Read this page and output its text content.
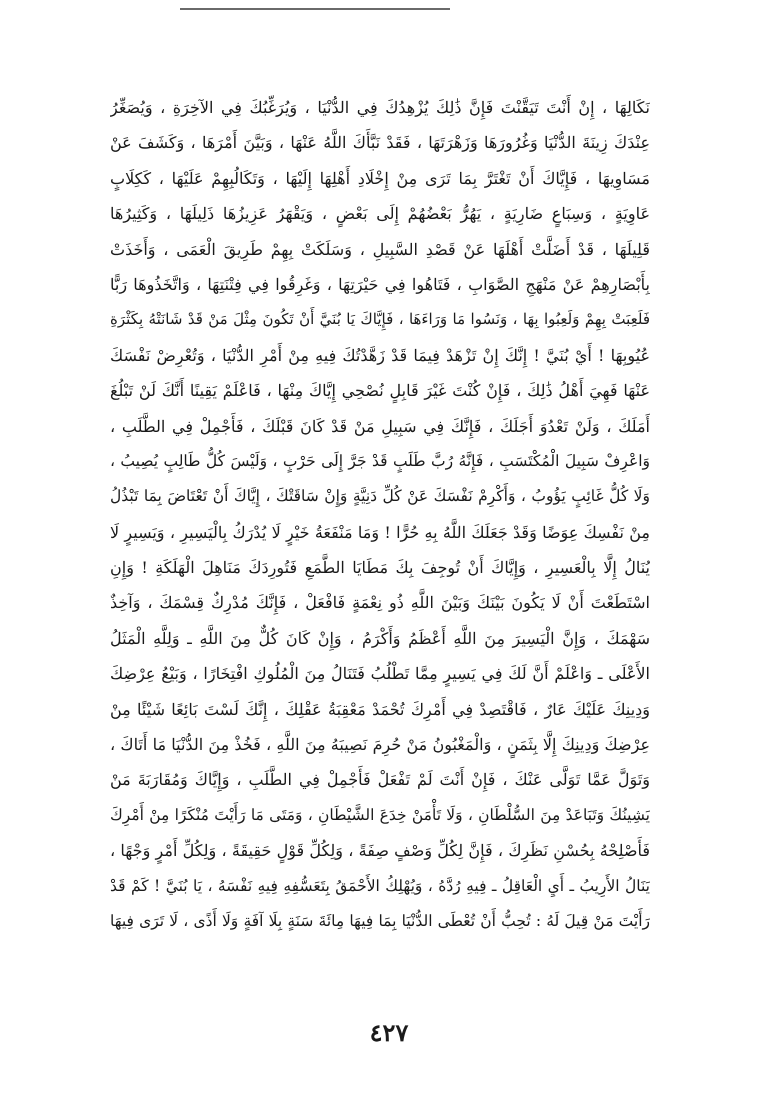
نَكَالِهَا ، إِنْ أَنْتَ تَيَقَّنْتَ فَإِنَّ ذَٰلِكَ يُزْهِدُكَ فِي الدُّنْيَا ، وَيُرَغِّبُكَ فِي الآخِرَةِ ، وَيُصَغِّرُ
عِنْدَكَ زِينَةَ الدُّنْيَا وَغُرُورَهَا وَزَهْرَتَهَا ، فَقَدْ نَبَّأَكَ اللَّهُ عَنْهَا ، وَبَيَّنَ أَمْرَهَا ، وَكَشَفَ عَنْ
مَسَاوِيهَا ، فَإِيَّاكَ أَنْ تَغْتَرَّ بِمَا تَرَى مِنْ إِخْلَادِ أَهْلِهَا إِلَيْهَا ، وَتَكَالُبِهِمْ عَلَيْهَا ، كَكِلَابٍ
عَاوِيَةٍ ، وَسِبَاعٍ ضَارِيَةٍ ، يَهُرُّ بَعْضُهُمْ إِلَى بَعْضٍ ، وَيَقْهَرُ عَزِيزُهَا ذَلِيلَهَا ، وَكَثِيرُهَا
قَلِيلَهَا ، قَدْ أَضَلَّتْ أَهْلَهَا عَنْ قَصْدِ السَّبِيلِ ، وَسَلَكَتْ بِهِمْ طَرِيقَ الْعَمَى ، وَأَخَذَتْ
بِأَبْصَارِهِمْ عَنْ مَنْهَجِ الصَّوَابِ ، فَتَاهُوا فِي حَيْرَتِهَا ، وَغَرِقُوا فِي فِتْنَتِهَا ، وَاتَّخَذُوهَا رَبًّا
فَلَعِبَتْ بِهِمْ وَلَعِبُوا بِهَا ، وَنَسُوا مَا وَرَاءَهَا ، فَإِيَّاكَ يَا بُنَيَّ أَنْ تَكُونَ مِثْلَ مَنْ قَدْ شَانَتْهُ بِكَثْرَةِ
عُيُوبِهَا ! أَيْ بُنَيَّ ! إِنَّكَ إِنْ تَزْهَدْ فِيمَا قَدْ زَهَّدْتُكَ فِيهِ مِنْ أَمْرِ الدُّنْيَا ، وَتُعْرِضْ نَفْسَكَ
عَنْهَا فَهِيَ أَهْلُ ذَٰلِكَ ، فَإِنْ كُنْتَ غَيْرَ قَابِلٍ نُصْحِي إِيَّاكَ مِنْهَا ، فَاعْلَمْ يَقِينًا أَنَّكَ لَنْ تَبْلُغَ
أَمَلَكَ ، وَلَنْ تَعْدُوَ أَجَلَكَ ، فَإِنَّكَ فِي سَبِيلِ مَنْ قَدْ كَانَ قَبْلَكَ ، فَأَجْمِلْ فِي الطَّلَبِ ،
وَاعْرِفْ سَبِيلَ الْمُكْتَسَبِ ، فَإِنَّهُ رُبَّ طَلَبٍ قَدْ جَرَّ إِلَى حَرْبٍ ، وَلَيْسَ كُلُّ طَالِبٍ يُصِيبُ ،
وَلَا كُلُّ غَائِبٍ يَؤُوبُ ، وَأَكْرِمْ نَفْسَكَ عَنْ كُلِّ دَنِيَّةٍ وَإِنْ سَاقَتْكَ ، إِيَّاكَ أَنْ تَعْتَاضَ بِمَا تَبْذُلُ
مِنْ نَفْسِكَ عِوَضًا وَقَدْ جَعَلَكَ اللَّهُ بِهِ حُرًّا ! وَمَا مَنْفَعَةُ خَيْرٍ لَا يُدْرَكُ بِالْيَسِيرِ ، وَيَسِيرٍ لَا
يُنَالُ إِلَّا بِالْعَسِيرِ ، وَإِيَّاكَ أَنْ تُوجِفَ بِكَ مَطَايَا الطَّمَعِ فَتُورِدَكَ مَنَاهِلَ الْهَلَكَةِ ! وَإِنِ
اسْتَطَعْتَ أَنْ لَا يَكُونَ بَيْنَكَ وَبَيْنَ اللَّهِ ذُو نِعْمَةٍ فَافْعَلْ ، فَإِنَّكَ مُدْرِكٌ قِسْمَكَ ، وَآخِذٌ
سَهْمَكَ ، وَإِنَّ الْيَسِيرَ مِنَ اللَّهِ أَعْظَمُ وَأَكْرَمُ ، وَإِنْ كَانَ كُلٌّ مِنَ اللَّهِ ـ وَلِلَّهِ الْمَثَلُ
الأَعْلَى ـ وَاعْلَمْ أَنَّ لَكَ فِي يَسِيرٍ مِمَّا تَطْلُبُ فَتَنَالُ مِنَ الْمُلُوكِ افْتِخَارًا ، وَبَيْعُ عِرْضِكَ
وَدِينِكَ عَلَيْكَ عَارٌ ، فَاقْتَصِدْ فِي أَمْرِكَ تُحْمَدْ مَعْقِبَةُ عَقْلِكَ ، إِنَّكَ لَسْتَ بَائِعًا شَيْئًا مِنْ
عِرْضِكَ وَدِينِكَ إِلَّا بِثَمَنٍ ، وَالْمَغْبُونُ مَنْ حُرِمَ نَصِيبَهُ مِنَ اللَّهِ ، فَخُذْ مِنَ الدُّنْيَا مَا أَتَاكَ ،
وَتَوَلَّ عَمَّا تَوَلَّى عَنْكَ ، فَإِنْ أَنْتَ لَمْ تَفْعَلْ فَأَجْمِلْ فِي الطَّلَبِ ، وَإِيَّاكَ وَمُقَارَبَةَ مَنْ
يَشِينُكَ وَتَبَاعَدْ مِنَ السُّلْطَانِ ، وَلَا تَأْمَنْ خِدَعَ الشَّيْطَانِ ، وَمَتَى مَا رَأَيْتَ مُنْكَرًا مِنْ أَمْرِكَ
فَأَصْلِحْهُ بِحُسْنِ نَظَرِكَ ، فَإِنَّ لِكُلِّ وَصْفٍ صِفَةً ، وَلِكُلِّ قَوْلٍ حَقِيقَةً ، وَلِكُلِّ أَمْرٍ وَجْهًا ،
يَنَالُ الأَرِيبُ ـ أَيِ الْعَاقِلُ ـ فِيهِ رُدَّهُ ، وَيُهْلِكُ الأَحْمَقُ بِتَعَسُّفِهِ فِيهِ نَفْسَهُ ، يَا بُنَيَّ ! كَمْ قَدْ
رَأَيْتَ مَنْ قِيلَ لَهُ : تُحِبُّ أَنْ تُعْطَى الدُّنْيَا بِمَا فِيهَا مِائَةَ سَنَةٍ بِلَا آفَةٍ وَلَا أَذًى ، لَا تَرَى فِيهَا
٤٢٧
